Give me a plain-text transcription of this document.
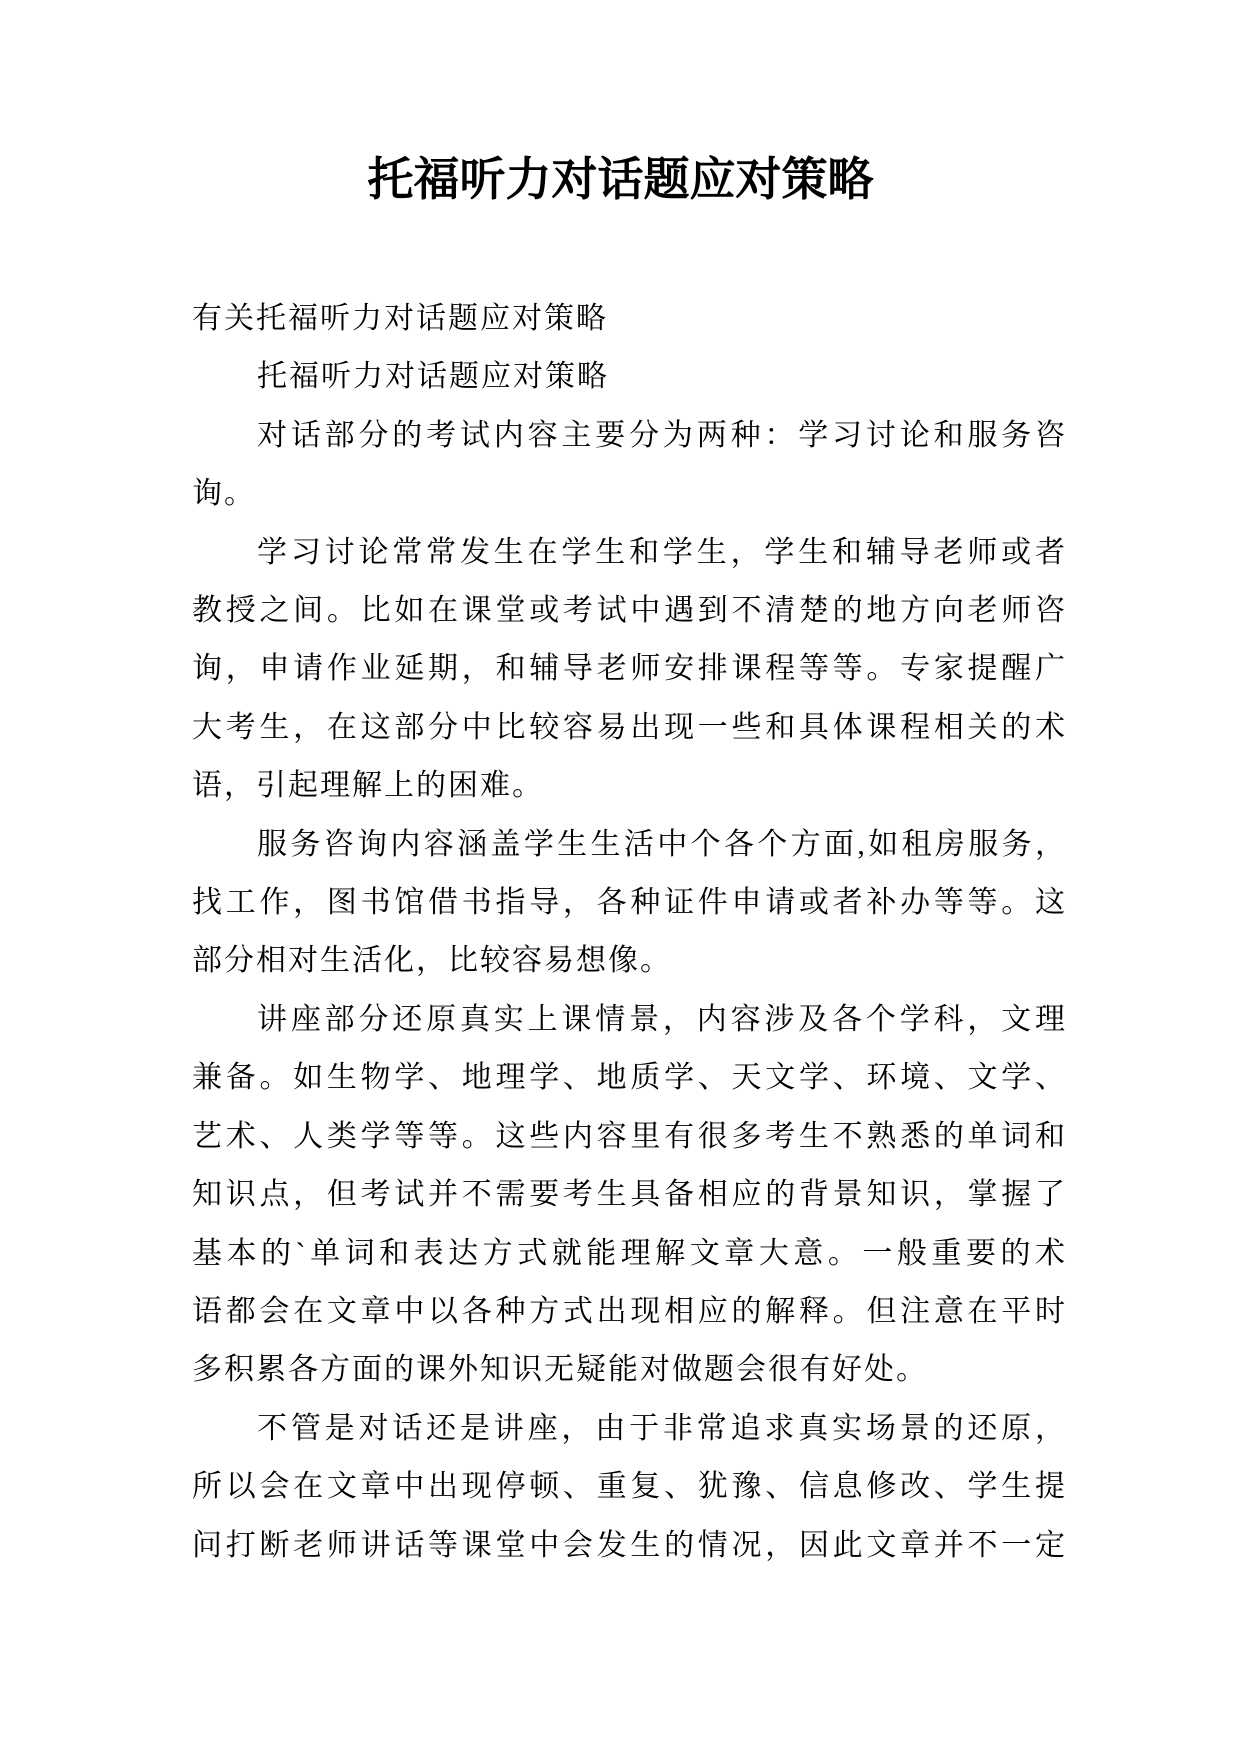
托福听力对话题应对策略
有关托福听力对话题应对策略
托福听力对话题应对策略
对话部分的考试内容主要分为两种：学习讨论和服务咨
询。
学习讨论常常发生在学生和学生，学生和辅导老师或者
教授之间。比如在课堂或考试中遇到不清楚的地方向老师咨
询，申请作业延期，和辅导老师安排课程等等。专家提醒广
大考生，在这部分中比较容易出现一些和具体课程相关的术
语，引起理解上的困难。
服务咨询内容涵盖学生生活中个各个方面,如租房服务，
找工作，图书馆借书指导，各种证件申请或者补办等等。这
部分相对生活化，比较容易想像。
讲座部分还原真实上课情景，内容涉及各个学科，文理
兼备。如生物学、地理学、地质学、天文学、环境、文学、
艺术、人类学等等。这些内容里有很多考生不熟悉的单词和
知识点，但考试并不需要考生具备相应的背景知识，掌握了
基本的`单词和表达方式就能理解文章大意。一般重要的术
语都会在文章中以各种方式出现相应的解释。但注意在平时
多积累各方面的课外知识无疑能对做题会很有好处。
不管是对话还是讲座，由于非常追求真实场景的还原，
所以会在文章中出现停顿、重复、犹豫、信息修改、学生提
问打断老师讲话等课堂中会发生的情况，因此文章并不一定
